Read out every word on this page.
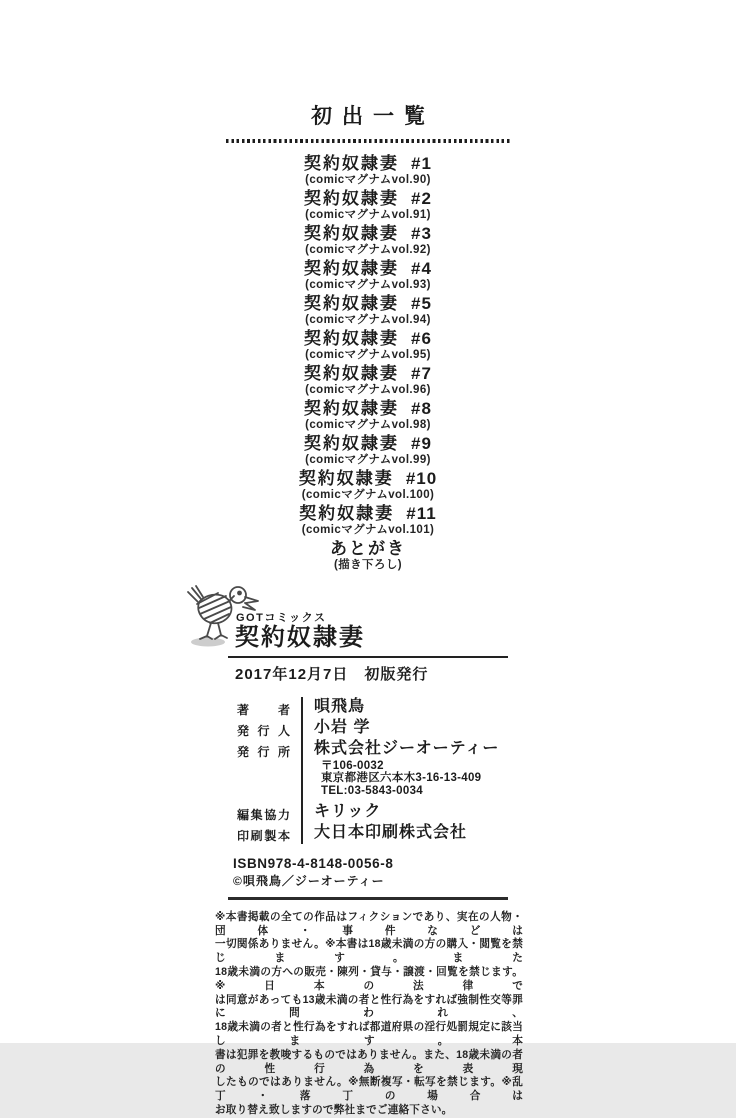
初出一覧
契約奴隷妻 #1
(comicマグナムvol.90)
契約奴隷妻 #2
(comicマグナムvol.91)
契約奴隷妻 #3
(comicマグナムvol.92)
契約奴隷妻 #4
(comicマグナムvol.93)
契約奴隷妻 #5
(comicマグナムvol.94)
契約奴隷妻 #6
(comicマグナムvol.95)
契約奴隷妻 #7
(comicマグナムvol.96)
契約奴隷妻 #8
(comicマグナムvol.98)
契約奴隷妻 #9
(comicマグナムvol.99)
契約奴隷妻 #10
(comicマグナムvol.100)
契約奴隷妻 #11
(comicマグナムvol.101)
あとがき
(描き下ろし)
GOTコミックス
契約奴隷妻
2017年12月7日　初版発行
著者	唄飛鳥
発行人	小岩 学
発行所	株式会社ジーオーティー
〒106-0032
東京都港区六本木3-16-13-409
TEL:03-5843-0034
編集協力	キリック
印刷製本	大日本印刷株式会社
ISBN978-4-8148-0056-8
©唄飛鳥／ジーオーティー
※本書掲載の全ての作品はフィクションであり、実在の人物・団体・事件などは
一切関係ありません。※本書は18歳未満の方の購入・閲覧を禁じます。また
18歳未満の方への販売・陳列・貸与・譲渡・回覧を禁じます。※日本の法律で
は同意があっても13歳未満の者と性行為をすれば強制性交等罪に問われ、
18歳未満の者と性行為をすれば都道府県の淫行処罰規定に該当します。本
書は犯罪を教唆するものではありません。また、18歳未満の者の性行為を表現
したものではありません。※無断複写・転写を禁じます。※乱丁・落丁の場合は
お取り替え致しますので弊社までご連絡下さい。
